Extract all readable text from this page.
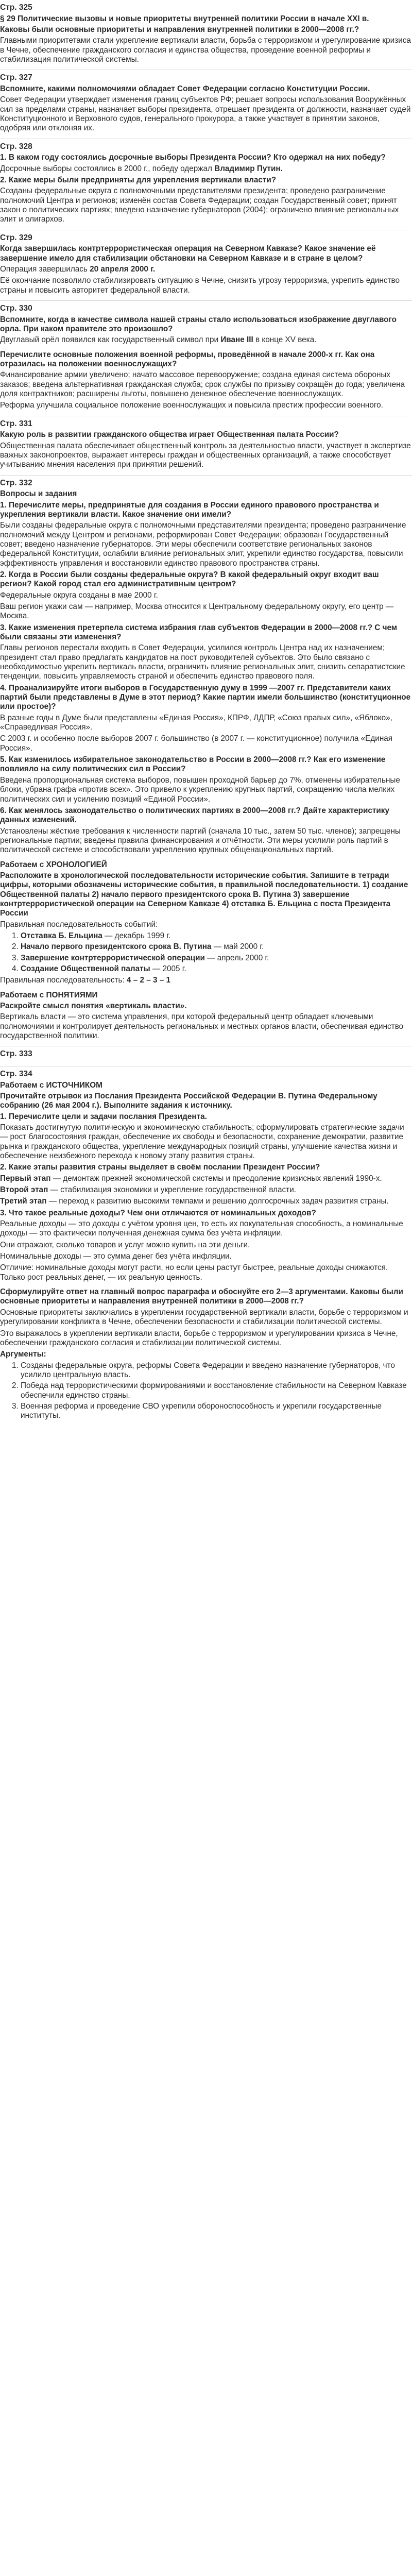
Стр. 325
§ 29 Политические вызовы и новые приоритеты внутренней политики России в начале XXI в.
Каковы были основные приоритеты и направления внутренней политики в 2000—2008 гг.?
Главными приоритетами стали укрепление вертикали власти, борьба с терроризмом и урегулирование кризиса в Чечне, обеспечение гражданского согласия и единства общества, проведение военной реформы и стабилизация политической системы.
Стр. 327
Вспомните, какими полномочиями обладает Совет Федерации согласно Конституции России.
Совет Федерации утверждает изменения границ субъектов РФ; решает вопросы использования Вооружённых сил за пределами страны, назначает выборы президента, отрешает президента от должности, назначает судей Конституционного и Верховного судов, генерального прокурора, а также участвует в принятии законов, одобряя или отклоняя их.
Стр. 328
1. В каком году состоялись досрочные выборы Президента России? Кто одержал на них победу?
Досрочные выборы состоялись в 2000 г., победу одержал Владимир Путин.
2. Какие меры были предприняты для укрепления вертикали власти?
Созданы федеральные округа с полномочными представителями президента; проведено разграничение полномочий Центра и регионов; изменён состав Совета Федерации; создан Государственный совет; принят закон о политических партиях; введено назначение губернаторов (2004); ограничено влияние региональных элит и олигархов.
Стр. 329
Когда завершилась контртеррористическая операция на Северном Кавказе? Какое значение её завершение имело для стабилизации обстановки на Северном Кавказе и в стране в целом?
Операция завершилась 20 апреля 2000 г.
Её окончание позволило стабилизировать ситуацию в Чечне, снизить угрозу терроризма, укрепить единство страны и повысить авторитет федеральной власти.
Стр. 330
Вспомните, когда в качестве символа нашей страны стало использоваться изображение двуглавого орла. При каком правителе это произошло?
Двуглавый орёл появился как государственный символ при Иване III в конце XV века.
Перечислите основные положения военной реформы, проведённой в начале 2000-х гг. Как она отразилась на положении военнослужащих?
Финансирование армии увеличено; начато массовое перевооружение; создана единая система обороных заказов; введена альтернативная гражданская служба; срок службы по призыву сокращён до года; увеличена доля контрактников; расширены льготы, повышено денежное обеспечение военнослужащих.
Реформа улучшила социальное положение военнослужащих и повысила престиж профессии военного.
Стр. 331
Какую роль в развитии гражданского общества играет Общественная палата России?
Общественная палата обеспечивает общественный контроль за деятельностью власти, участвует в экспертизе важных законопроектов, выражает интересы граждан и общественных организаций, а также способствует учитыванию мнения населения при принятии решений.
Стр. 332
Вопросы и задания
1. Перечислите меры, предпринятые для создания в России единого правового пространства и укрепления вертикали власти. Какое значение они имели?
Были созданы федеральные округа с полномочными представителями президента; проведено разграничение полномочий между Центром и регионами, реформирован Совет Федерации; образован Государственный совет; введено назначение губернаторов. Эти меры обеспечили соответствие региональных законов федеральной Конституции, ослабили влияние региональных элит, укрепили единство государства, повысили эффективность управления и восстановили единство правового пространства страны.
2. Когда в России были созданы федеральные округа? В какой федеральный округ входит ваш регион? Какой город стал его административным центром?
Федеральные округа созданы в мае 2000 г.
Ваш регион укажи сам — например, Москва относится к Центральному федеральному округу, его центр — Москва.
3. Какие изменения претерпела система избрания глав субъектов Федерации в 2000—2008 гг.? С чем были связаны эти изменения?
Главы регионов перестали входить в Совет Федерации, усилился контроль Центра над их назначением; президент стал право предлагать кандидатов на пост руководителей субъектов. Это было связано с необходимостью укрепить вертикаль власти, ограничить влияние региональных элит, снизить сепаратистские тенденции, повысить управляемость страной и обеспечить единство правового поля.
4. Проанализируйте итоги выборов в Государственную думу в 1999 —2007 гг. Представители каких партий были представлены в Думе в этот период? Какие партии имели большинство (конституционное или простое)?
В разные годы в Думе были представлены «Единая Россия», КПРФ, ЛДПР, «Союз правых сил», «Яблоко», «Справедливая Россия».
С 2003 г. и особенно после выборов 2007 г. большинство (в 2007 г. — конституционное) получила «Единая Россия».
5. Как изменилось избирательное законодательство в России в 2000—2008 гг.? Как его изменение повлияло на силу политических сил в России?
Введена пропорциональная система выборов, повышен проходной барьер до 7%, отменены избирательные блоки, убрана графа «против всех». Это привело к укреплению крупных партий, сокращению числа мелких политических сил и усилению позиций «Единой России».
6. Как менялось законодательство о политических партиях в 2000—2008 гг.? Дайте характеристику данных изменений.
Установлены жёсткие требования к численности партий (сначала 10 тыс., затем 50 тыс. членов); запрещены региональные партии; введены правила финансирования и отчётности. Эти меры усилили роль партий в политической системе и способствовали укреплению крупных общенациональных партий.
Работаем с ХРОНОЛОГИЕЙ
Расположите в хронологической последовательности исторические события. Запишите в тетради цифры, которыми обозначены исторические события, в правильной последовательности. 1) создание Общественной палаты 2) начало первого президентского срока В. Путина 3) завершение контртеррористической операции на Северном Кавказе 4) отставка Б. Ельцина с поста Президента России
Правильная последовательность событий:
1. Отставка Б. Ельцина — декабрь 1999 г.
2. Начало первого президентского срока В. Путина — май 2000 г.
3. Завершение контртеррористической операции — апрель 2000 г.
4. Создание Общественной палаты — 2005 г.
Правильная последовательность: 4 – 2 – 3 – 1
Работаем с ПОНЯТИЯМИ
Раскройте смысл понятия «вертикаль власти».
Вертикаль власти — это система управления, при которой федеральный центр обладает ключевыми полномочиями и контролирует деятельность региональных и местных органов власти, обеспечивая единство государственной политики.
Стр. 333
Стр. 334
Работаем с ИСТОЧНИКОМ
Прочитайте отрывок из Послания Президента Российской Федерации В. Путина Федеральному собранию (26 мая 2004 г.). Выполните задания к источнику.
1. Перечислите цели и задачи послания Президента.
Показать достигнутую политическую и экономическую стабильность; сформулировать стратегические задачи — рост благосостояния граждан, обеспечение их свободы и безопасности, сохранение демократии, развитие рынка и гражданского общества, укрепление международных позиций страны, улучшение качества жизни и обеспечение неизбежного перехода к новому этапу развития страны.
2. Какие этапы развития страны выделяет в своём послании Президент России?
Первый этап — демонтаж прежней экономической системы и преодоление кризисных явлений 1990-х.
Второй этап — стабилизация экономики и укрепление государственной власти.
Третий этап — переход к развитию высокими темпами и решению долгосрочных задач развития страны.
3. Что такое реальные доходы? Чем они отличаются от номинальных доходов?
Реальные доходы — это доходы с учётом уровня цен, то есть их покупательная способность, а номинальные доходы — это фактически полученная денежная сумма без учёта инфляции.
Они отражают, сколько товаров и услуг можно купить на эти деньги.
Номинальные доходы — это сумма денег без учёта инфляции.
Отличие: номинальные доходы могут расти, но если цены растут быстрее, реальные доходы снижаются. Только рост реальных денег, — их реальную ценность.
Сформулируйте ответ на главный вопрос параграфа и обоснуйте его 2—3 аргументами. Каковы были основные приоритеты и направления внутренней политики в 2000—2008 гг.?
Основные приоритеты заключались в укреплении государственной вертикали власти, борьбе с терроризмом и урегулировании конфликта в Чечне, обеспечении безопасности и стабилизации политической системы.
Это выражалось в укреплении вертикали власти, борьбе с терроризмом и урегулировании кризиса в Чечне, обеспечении гражданского согласия и стабилизации политической системы.
Аргументы:
1. Созданы федеральные округа, реформы Совета Федерации и введено назначение губернаторов, что усилило центральную власть.
2. Победа над террористическими формированиями и восстановление стабильности на Северном Кавказе обеспечили единство страны.
3. Военная реформа и проведение СВО укрепили обороноспособность и укрепили государственные институты.
